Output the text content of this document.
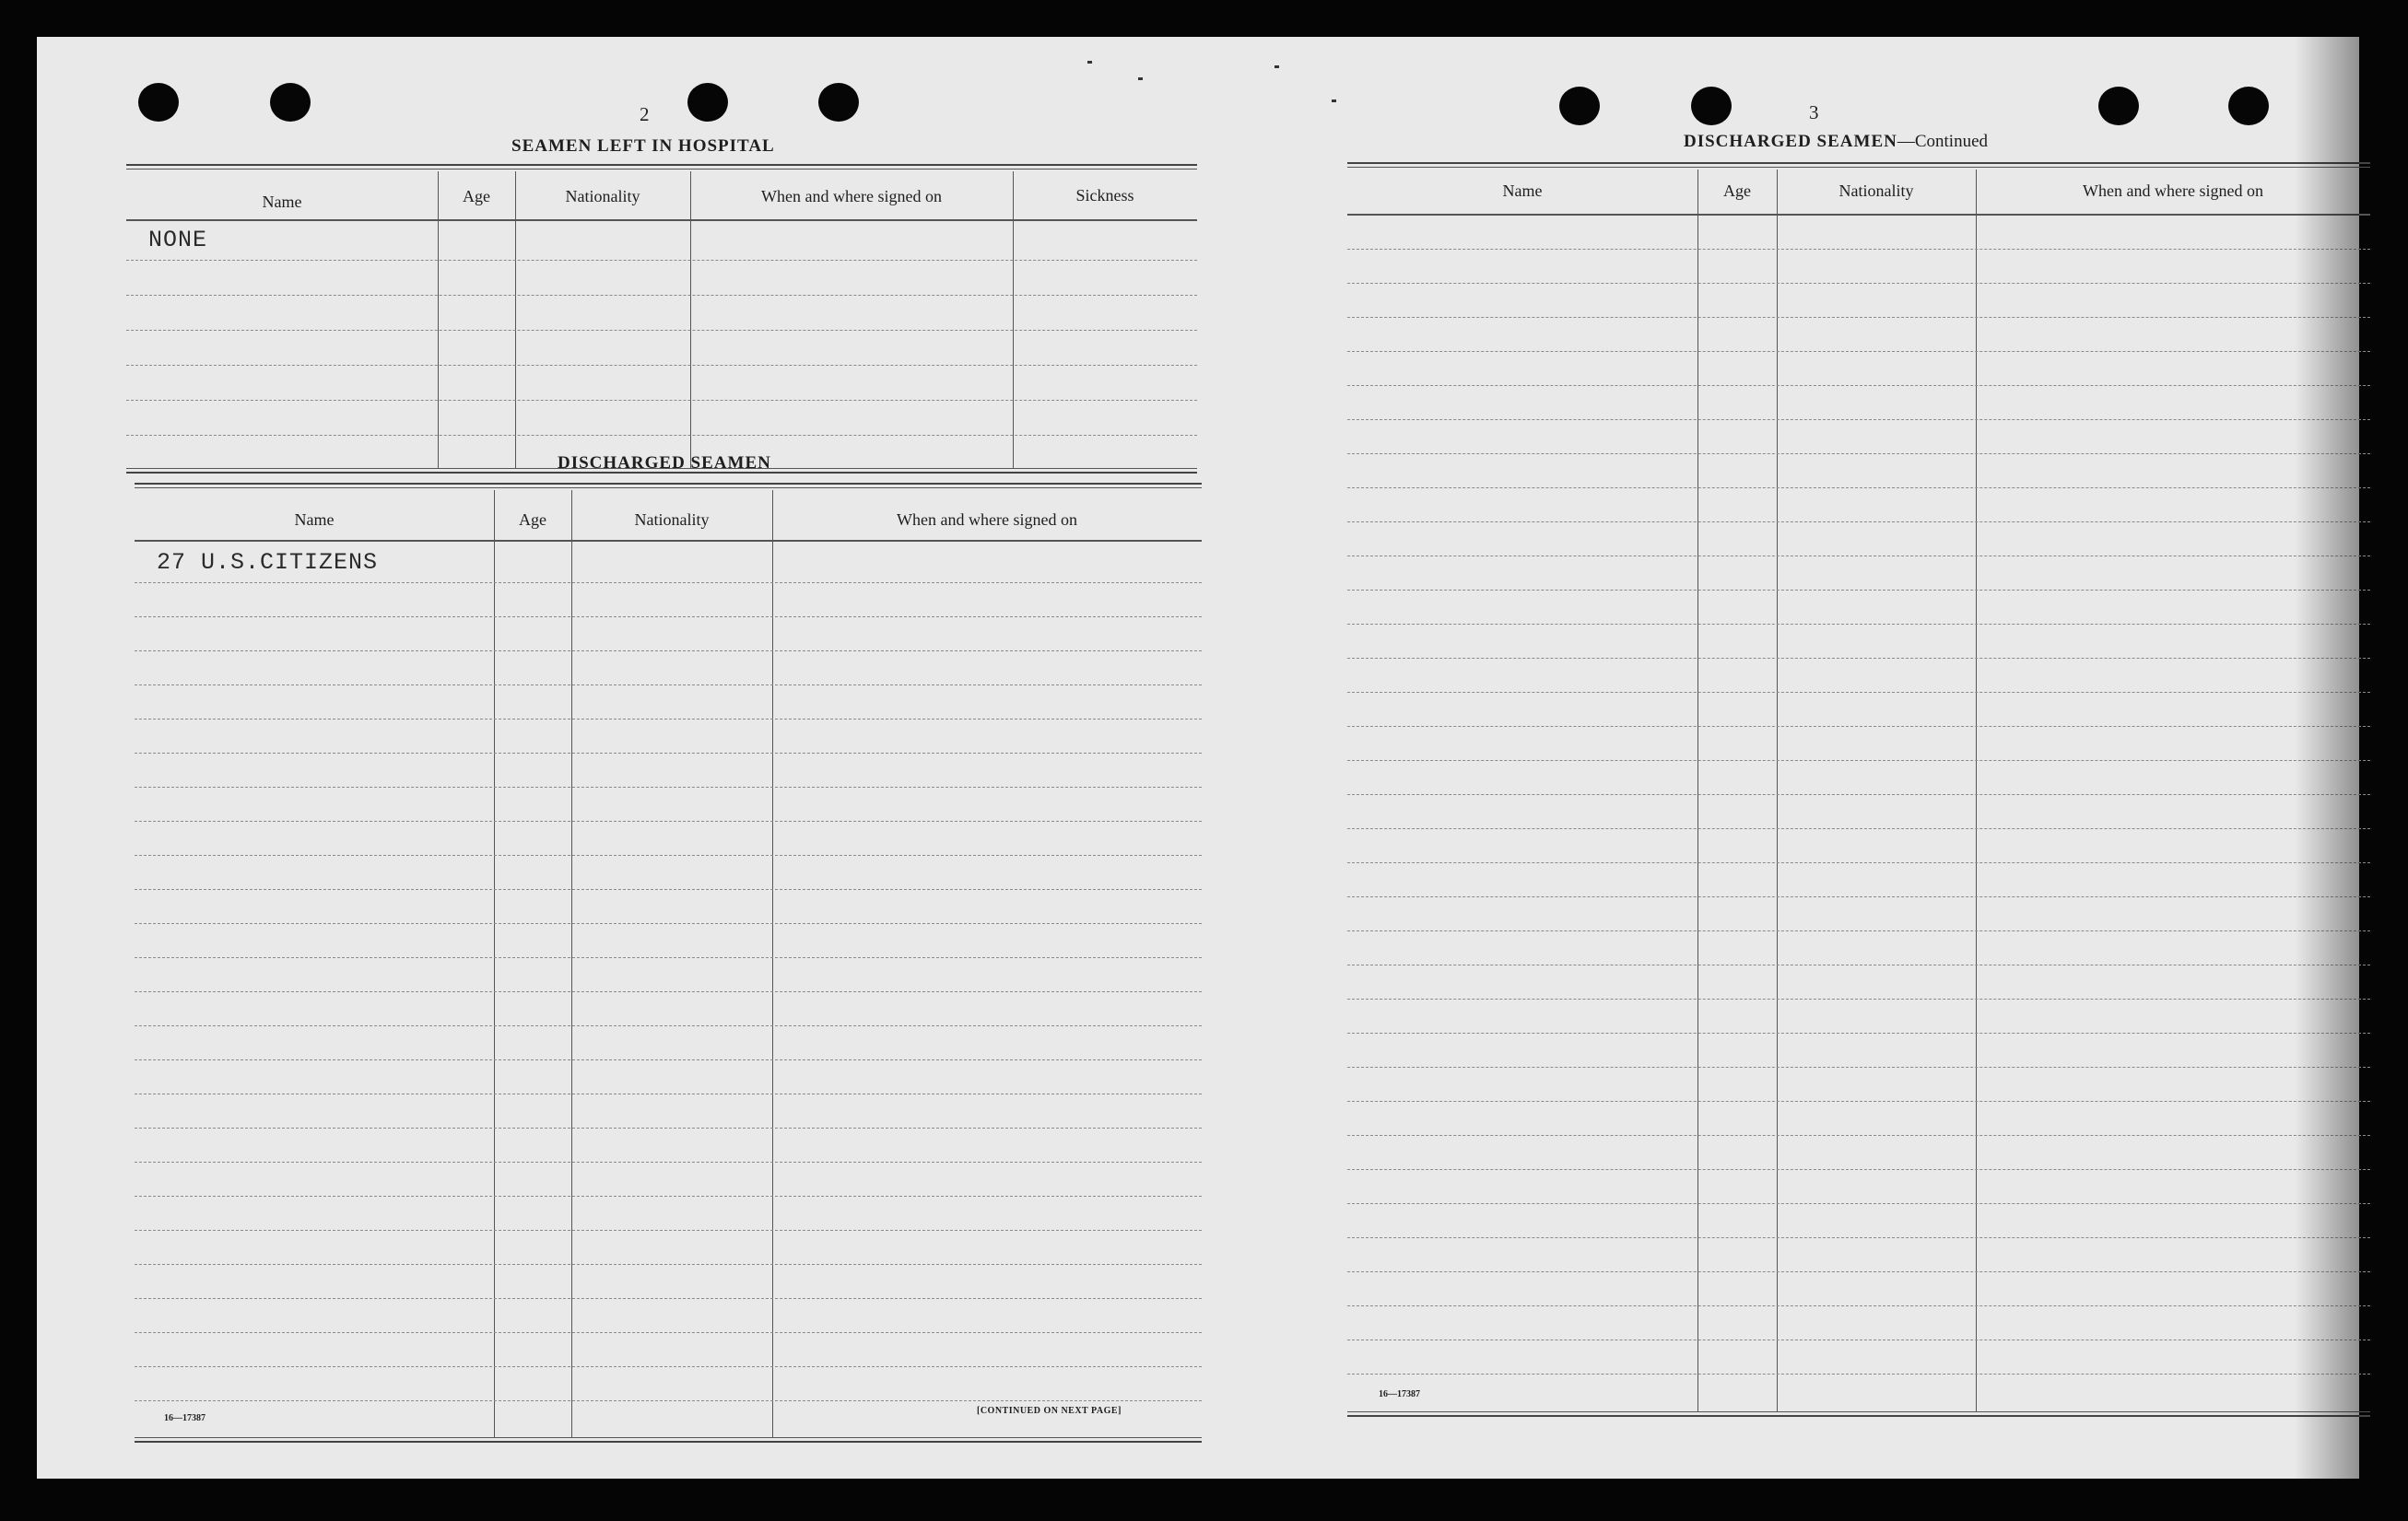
2
SEAMEN LEFT IN HOSPITAL
Name	Age	Nationality	When and where signed on	Sickness
NONE
DISCHARGED SEAMEN
Name	Age	Nationality	When and where signed on
27 U.S.CITIZENS
16—17387
[CONTINUED ON NEXT PAGE]
3
DISCHARGED SEAMEN—Continued
Name	Age	Nationality	When and where signed on
16—17387
